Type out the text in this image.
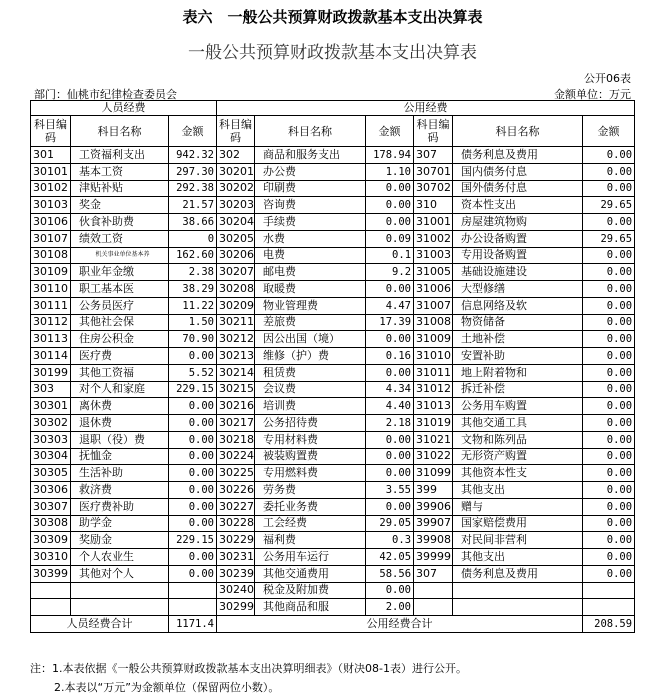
表六　一般公共预算财政拨款基本支出决算表
一般公共预算财政拨款基本支出决算表
公开06表
部门：仙桃市纪律检查委员会	金额单位：万元
人员经费			公用经费					
科目编码	科目名称	金额	科目编码	科目名称	金额	科目编码	科目名称	金额
301	工资福利支出	942.32	302	商品和服务支出	178.94	307	债务利息及费用	0.00
30101	基本工资	297.30	30201	办公费	1.10	30701	国内债务付息	0.00
30102	津贴补贴	292.38	30202	印刷费	0.00	30702	国外债务付息	0.00
30103	奖金	21.57	30203	咨询费	0.00	310	资本性支出	29.65
30106	伙食补助费	38.66	30204	手续费	0.00	31001	房屋建筑物购	0.00
30107	绩效工资	0	30205	水费	0.09	31002	办公设备购置	29.65
30108	机关事业单位基本养	162.60	30206	电费	0.1	31003	专用设备购置	0.00
30109	职业年金缴	2.38	30207	邮电费	9.2	31005	基础设施建设	0.00
30110	职工基本医	38.29	30208	取暖费	0.00	31006	大型修缮	0.00
30111	公务员医疗	11.22	30209	物业管理费	4.47	31007	信息网络及软	0.00
30112	其他社会保	1.50	30211	差旅费	17.39	31008	物资储备	0.00
30113	住房公积金	70.90	30212	因公出国（境）	0.00	31009	土地补偿	0.00
30114	医疗费	0.00	30213	维修（护）费	0.16	31010	安置补助	0.00
30199	其他工资福	5.52	30214	租赁费	0.00	31011	地上附着物和	0.00
303	对个人和家庭	229.15	30215	会议费	4.34	31012	拆迁补偿	0.00
30301	离休费	0.00	30216	培训费	4.40	31013	公务用车购置	0.00
30302	退休费	0.00	30217	公务招待费	2.18	31019	其他交通工具	0.00
30303	退职（役）费	0.00	30218	专用材料费	0.00	31021	文物和陈列品	0.00
30304	抚恤金	0.00	30224	被装购置费	0.00	31022	无形资产购置	0.00
30305	生活补助	0.00	30225	专用燃料费	0.00	31099	其他资本性支	0.00
30306	救济费	0.00	30226	劳务费	3.55	399	其他支出	0.00
30307	医疗费补助	0.00	30227	委托业务费	0.00	39906	赠与	0.00
30308	助学金	0.00	30228	工会经费	29.05	39907	国家赔偿费用	0.00
30309	奖励金	229.15	30229	福利费	0.3	39908	对民间非营利	0.00
30310	个人农业生	0.00	30231	公务用车运行	42.05	39999	其他支出	0.00
30399	其他对个人	0.00	30239	其他交通费用	58.56	307	债务利息及费用	0.00
			30240	税金及附加费	0.00			
			30299	其他商品和服	2.00			
人员经费合计		1171.4	公用经费合计					208.59
注：1.本表依据《一般公共预算财政拨款基本支出决算明细表》（财决08-1表）进行公开。
2.本表以“万元”为金额单位（保留两位小数）。
